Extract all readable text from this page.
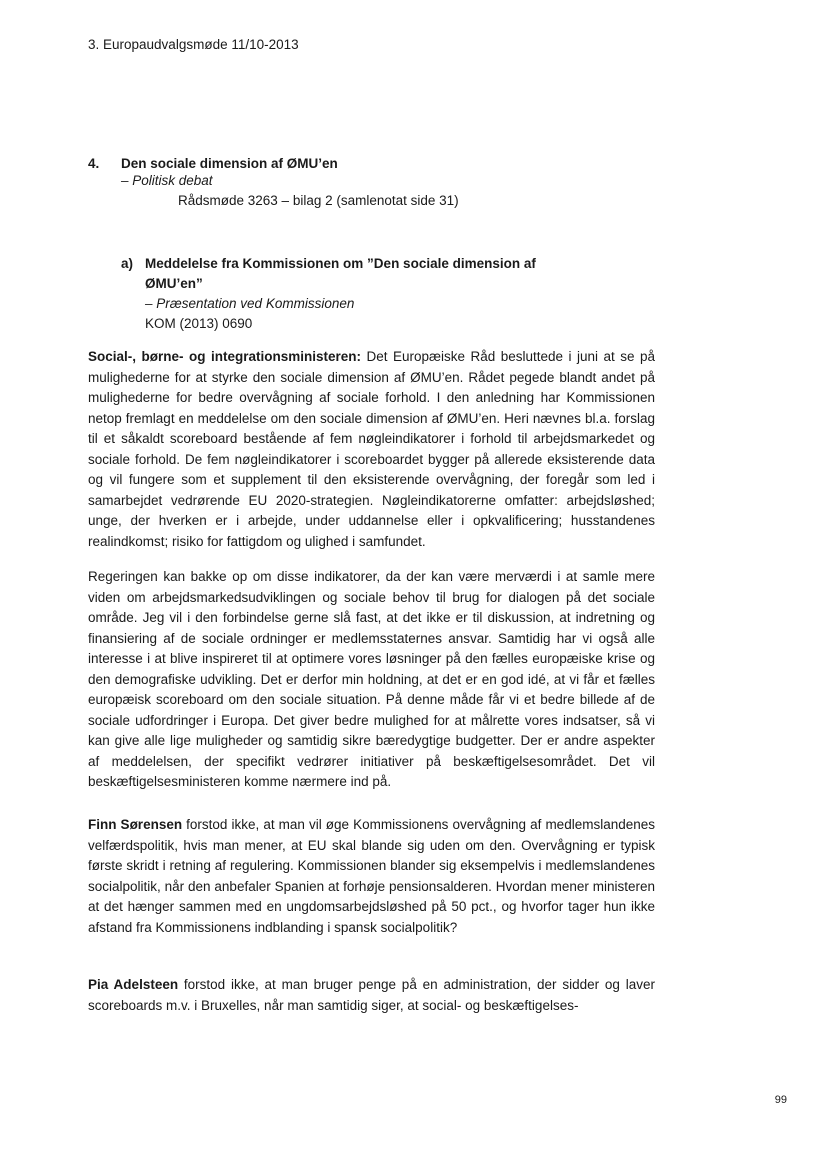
3. Europaudvalgsmøde 11/10-2013
4. Den sociale dimension af ØMU’en
– Politisk debat
Rådsmøde 3263 – bilag 2 (samlenotat side 31)
a) Meddelelse fra Kommissionen om ”Den sociale dimension af ØMU’en”
– Præsentation ved Kommissionen
KOM (2013) 0690

Social-, børne- og integrationsministeren: Det Europæiske Råd besluttede i juni at se på mulighederne for at styrke den sociale dimension af ØMU’en. Rådet pegede blandt andet på mulighederne for bedre overvågning af sociale forhold. I den anledning har Kommissionen netop fremlagt en meddelelse om den sociale dimension af ØMU’en. Heri nævnes bl.a. forslag til et såkaldt scoreboard bestående af fem nøgleindikatorer i forhold til arbejdsmarkedet og sociale forhold. De fem nøgleindikatorer i scoreboardet bygger på allerede eksisterende data og vil fungere som et supplement til den eksisterende overvågning, der foregår som led i samarbejdet vedrørende EU 2020-strategien. Nøgleindikatorerne omfatter: arbejdsløshed; unge, der hverken er i arbejde, under uddannelse eller i opkvalificering; husstandenes realindkomst; risiko for fattigdom og ulighed i samfundet.

Regeringen kan bakke op om disse indikatorer, da der kan være merværdi i at samle mere viden om arbejdsmarkedsudviklingen og sociale behov til brug for dialogen på det sociale område. Jeg vil i den forbindelse gerne slå fast, at det ikke er til diskussion, at indretning og finansiering af de sociale ordninger er medlemsstaternes ansvar. Samtidig har vi også alle interesse i at blive inspireret til at optimere vores løsninger på den fælles europæiske krise og den demografiske udvikling. Det er derfor min holdning, at det er en god idé, at vi får et fælles europæisk scoreboard om den sociale situation. På denne måde får vi et bedre billede af de sociale udfordringer i Europa. Det giver bedre mulighed for at målrette vores indsatser, så vi kan give alle lige muligheder og samtidig sikre bæredygtige budgetter. Der er andre aspekter af meddelelsen, der specifikt vedrører initiativer på beskæftigelsesområdet. Det vil beskæftigelsesministeren komme nærmere ind på.

Finn Sørensen forstod ikke, at man vil øge Kommissionens overvågning af medlemslandenes velfærdspolitik, hvis man mener, at EU skal blande sig uden om den. Overvågning er typisk første skridt i retning af regulering. Kommissionen blander sig eksempelvis i medlemslandenes socialpolitik, når den anbefaler Spanien at forhøje pensionsalderen. Hvordan mener ministeren at det hænger sammen med en ungdomsarbejdsløshed på 50 pct., og hvorfor tager hun ikke afstand fra Kommissionens indblanding i spansk socialpolitik?

Pia Adelsteen forstod ikke, at man bruger penge på en administration, der sidder og laver scoreboards m.v. i Bruxelles, når man samtidig siger, at social- og beskæftigelses-

99
